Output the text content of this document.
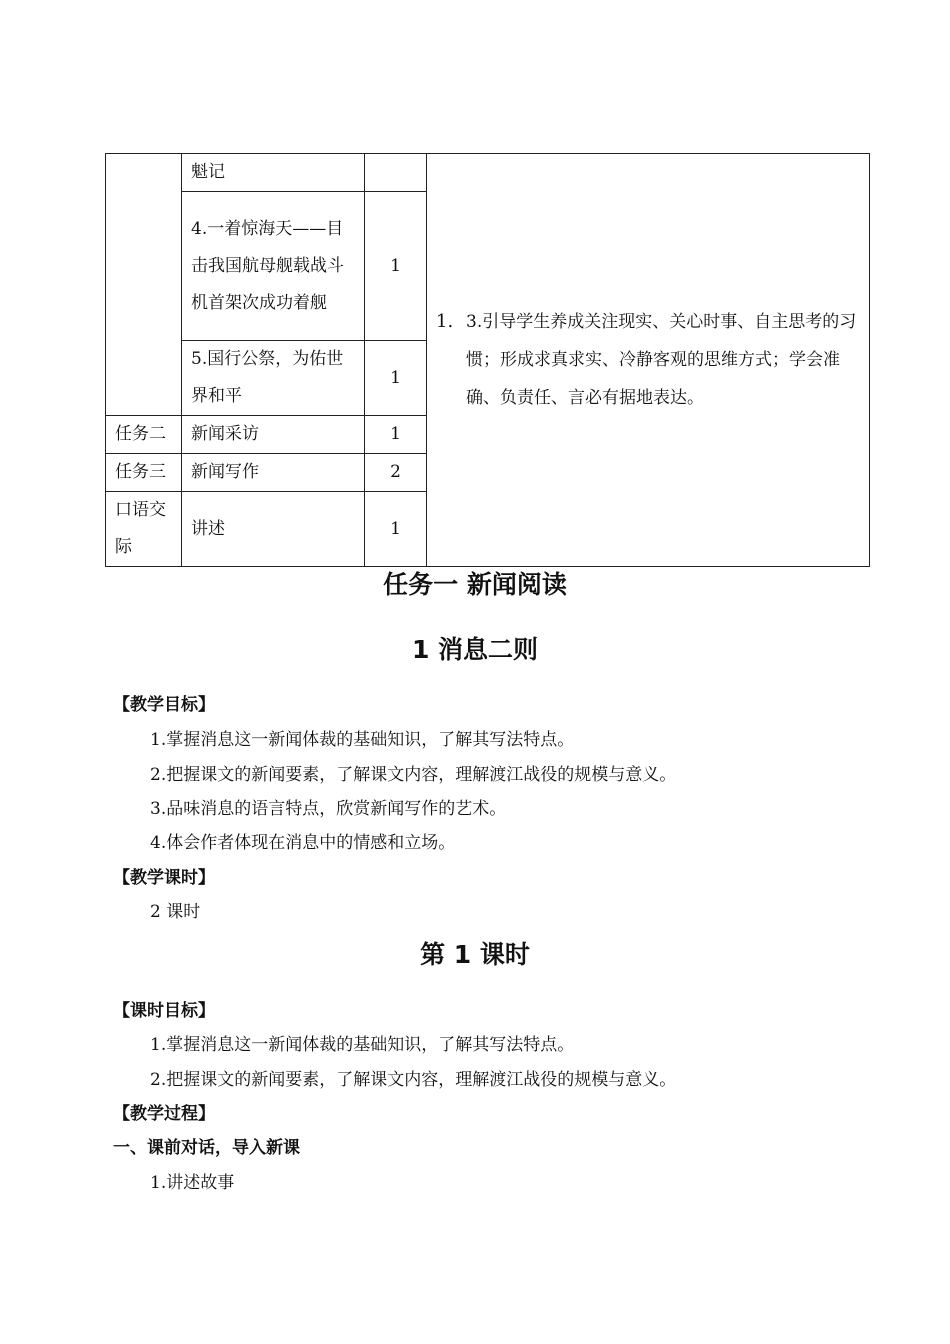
	魁记		1. 3.引导学生养成关注现实、关心时事、自主思考的习惯；形成求真求实、冷静客观的思维方式；学会准确、负责任、言必有据地表达。

	4.一着惊海天——目击我国航母舰载战斗机首架次成功着舰	1	
	5.国行公祭，为佑世界和平	1	
任务二	新闻采访	1	
任务三	新闻写作	2	
口语交际	讲述	1	
任务一 新闻阅读
1 消息二则

【教学目标】

1.掌握消息这一新闻体裁的基础知识，了解其写法特点。

2.把握课文的新闻要素，了解课文内容，理解渡江战役的规模与意义。

3.品味消息的语言特点，欣赏新闻写作的艺术。

4.体会作者体现在消息中的情感和立场。

【教学课时】

2 课时

第 1 课时

【课时目标】

1.掌握消息这一新闻体裁的基础知识，了解其写法特点。

2.把握课文的新闻要素，了解课文内容，理解渡江战役的规模与意义。

【教学过程】

一、课前对话，导入新课

1.讲述故事
